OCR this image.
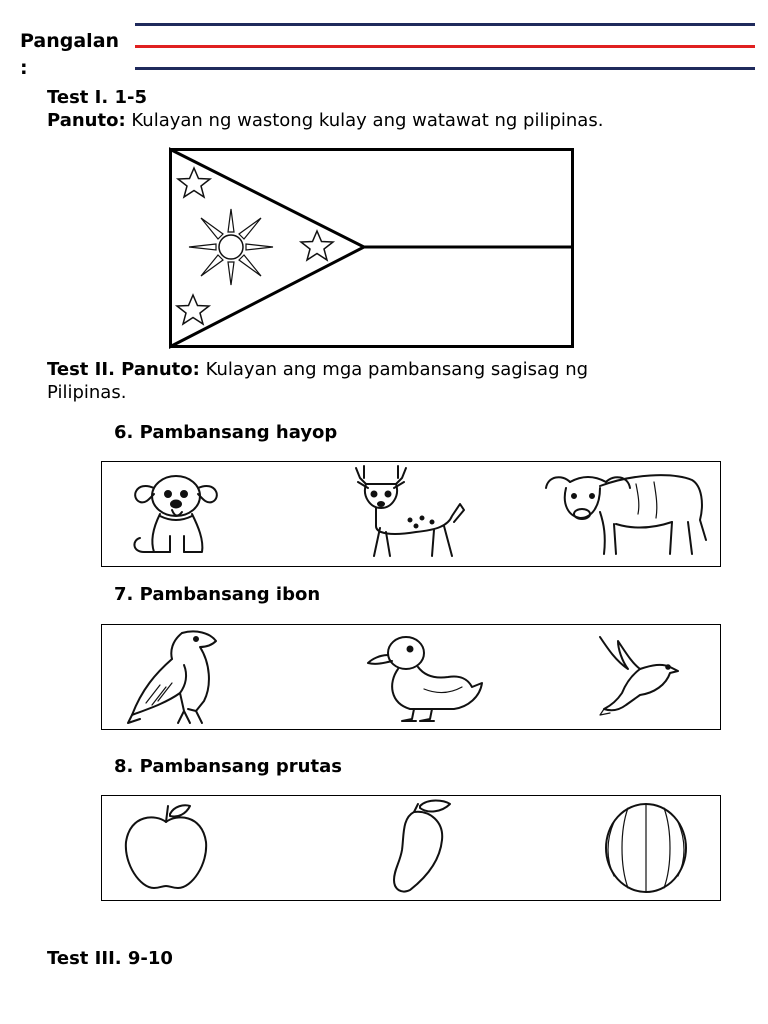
Pangalan
:
Test I. 1-5
Panuto: Kulayan ng wastong kulay ang watawat ng pilipinas.
Test II. Panuto: Kulayan ang mga pambansang sagisag ng
Pilipinas.
6. Pambansang hayop
7. Pambansang ibon
8. Pambansang prutas
Test III. 9-10
